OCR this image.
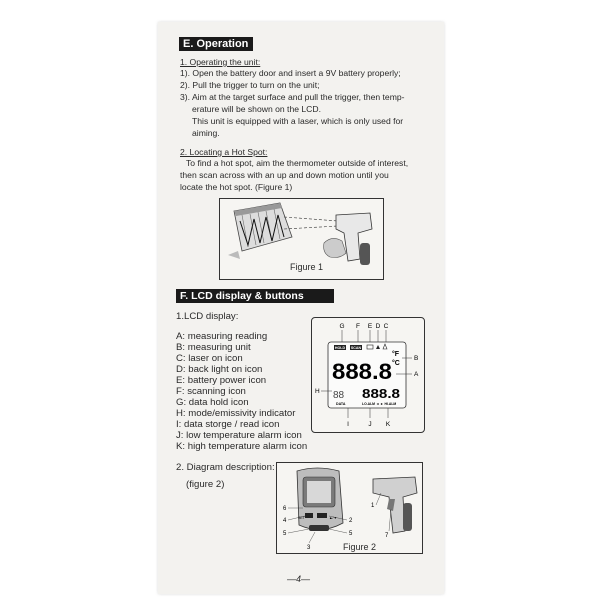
E. Operation
1. Operating the unit:
1). Open the battery door and insert a 9V battery properly;
2). Pull the trigger to turn on the unit;
3). Aim at the target surface and pull the trigger, then temp-
erature will be shown on the LCD.
This unit is equipped with a laser, which is only used for
aiming.
2. Locating a Hot Spot:
To find a hot spot, aim the thermometer outside of interest,
then scan across with an up and down motion until you
locate the hot spot. (Figure 1)
Figure 1
F. LCD display & buttons
1.LCD display:
A: measuring reading
B: measuring unit
C: laser on icon
D: back light on icon
E: battery power icon
F: scanning icon
G: data hold icon
H: mode/emissivity indicator
I: data storge / read icon
J: low temperature alarm icon
K: high temperature alarm icon
G F E D C
HOLD SCAN
°F
°C
888.8
88 888.8
DATA	LO.ALM ◄ ► HI.ALM
B
A
H
I	J K
2. Diagram description:
(figure 2)
SET	▲/▼
6
4
5
3
2
5
1
7
Figure 2
—4—
